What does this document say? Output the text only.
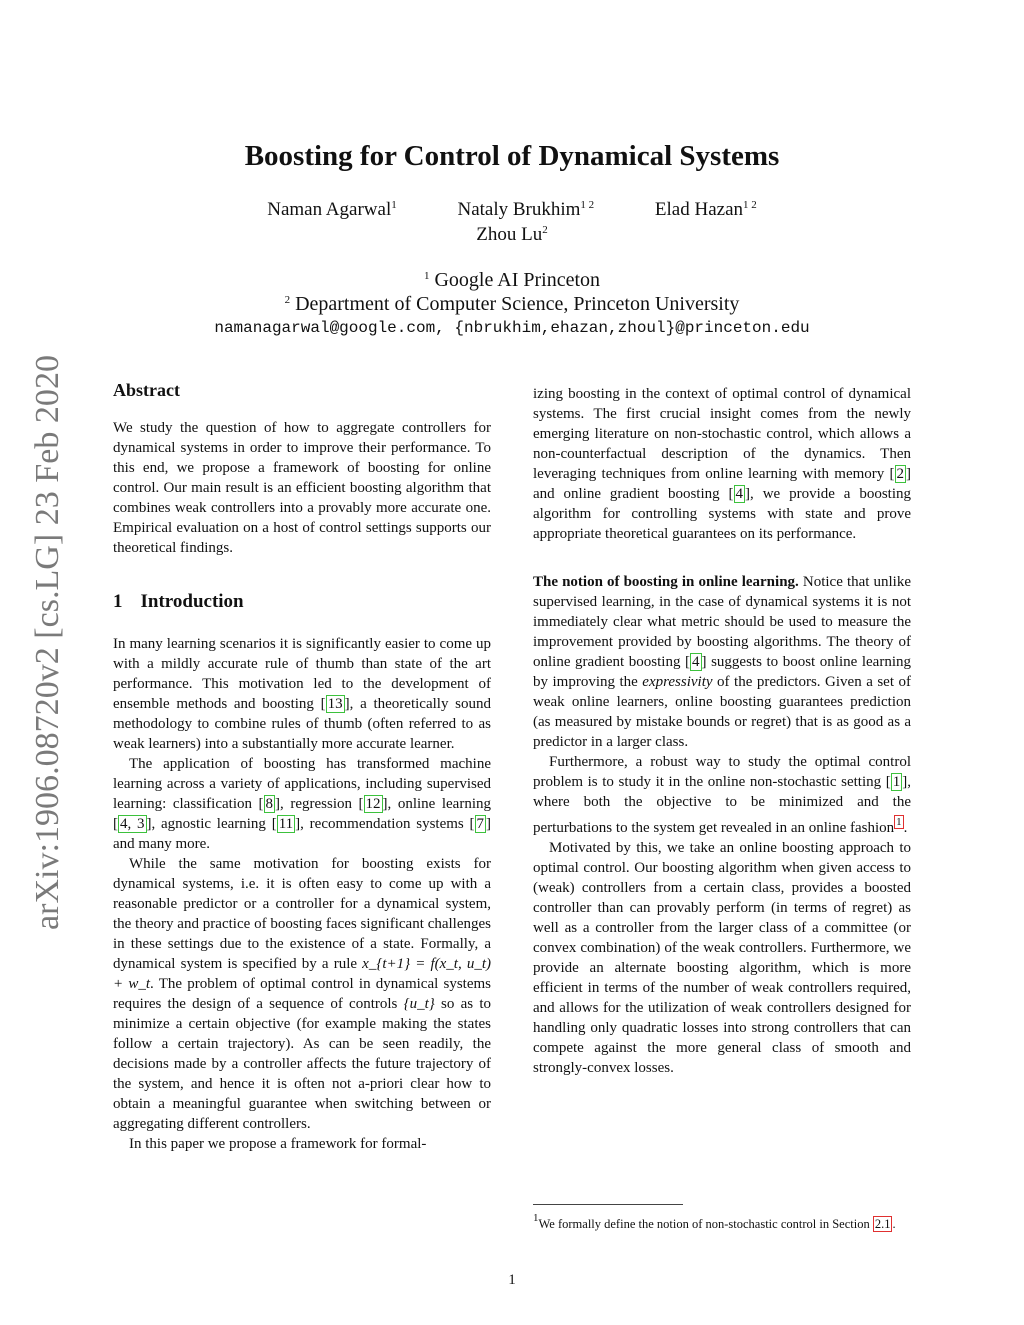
arXiv:1906.08720v2 [cs.LG] 23 Feb 2020
Boosting for Control of Dynamical Systems
Naman Agarwal$^1$	Nataly Brukhim$^{1 2}$	Elad Hazan$^{1 2}$
Zhou Lu$^2$
$^1$ Google AI Princeton
$^2$ Department of Computer Science, Princeton University
namanagarwal@google.com, {nbrukhim,ehazan,zhoul}@princeton.edu
Abstract

We study the question of how to aggregate controllers for dynamical systems in order to improve their performance. To this end, we propose a framework of boosting for online control. Our main result is an efficient boosting algorithm that combines weak controllers into a provably more accurate one. Empirical evaluation on a host of control settings supports our theoretical findings.

1 Introduction

In many learning scenarios it is significantly easier to come up with a mildly accurate rule of thumb than state of the art performance. This motivation led to the development of ensemble methods and boosting [ 13 ], a theoretically sound methodology to combine rules of thumb (often referred to as weak learners) into a substantially more accurate learner.

The application of boosting has transformed machine learning across a variety of applications, including supervised learning: classification [ 8 ], regression [ 12 ], online learning [ 4, 3 ], agnostic learning [ 11 ], recommendation systems [ 7 ] and many more.

While the same motivation for boosting exists for dynamical systems, i.e. it is often easy to come up with a reasonable predictor or a controller for a dynamical system, the theory and practice of boosting faces significant challenges in these settings due to the existence of a state. Formally, a dynamical system is specified by a rule x_{t+1} = f(x_t, u_t) + w_t. The problem of optimal control in dynamical systems requires the design of a sequence of controls {u_t} so as to minimize a certain objective (for example making the states follow a certain trajectory). As can be seen readily, the decisions made by a controller affects the future trajectory of the system, and hence it is often not a-priori clear how to obtain a meaningful guarantee when switching between or aggregating different controllers.

In this paper we propose a framework for formal-

izing boosting in the context of optimal control of dynamical systems. The first crucial insight comes from the newly emerging literature on non-stochastic control, which allows a non-counterfactual description of the dynamics. Then leveraging techniques from online learning with memory [ 2 ] and online gradient boosting [ 4 ], we provide a boosting algorithm for controlling systems with state and prove appropriate theoretical guarantees on its performance.

The notion of boosting in online learning. Notice that unlike supervised learning, in the case of dynamical systems it is not immediately clear what metric should be used to measure the improvement provided by boosting algorithms. The theory of online gradient boosting [ 4 ] suggests to boost online learning by improving the expressivity of the predictors. Given a set of weak online learners, online boosting guarantees prediction (as measured by mistake bounds or regret) that is as good as a predictor in a larger class.

Furthermore, a robust way to study the optimal control problem is to study it in the online non-stochastic setting [ 1 ], where both the objective to be minimized and the perturbations to the system get revealed in an online fashion $^1$ .

Motivated by this, we take an online boosting approach to optimal control. Our boosting algorithm when given access to (weak) controllers from a certain class, provides a boosted controller than can provably perform (in terms of regret) as well as a controller from the larger class of a committee (or convex combination) of the weak controllers. Furthermore, we provide an alternate boosting algorithm, which is more efficient in terms of the number of weak controllers required, and allows for the utilization of weak controllers designed for handling only quadratic losses into strong controllers that can compete against the more general class of smooth and strongly-convex losses.

$^1$We formally define the notion of non-stochastic control in Section 2.1 .
1
